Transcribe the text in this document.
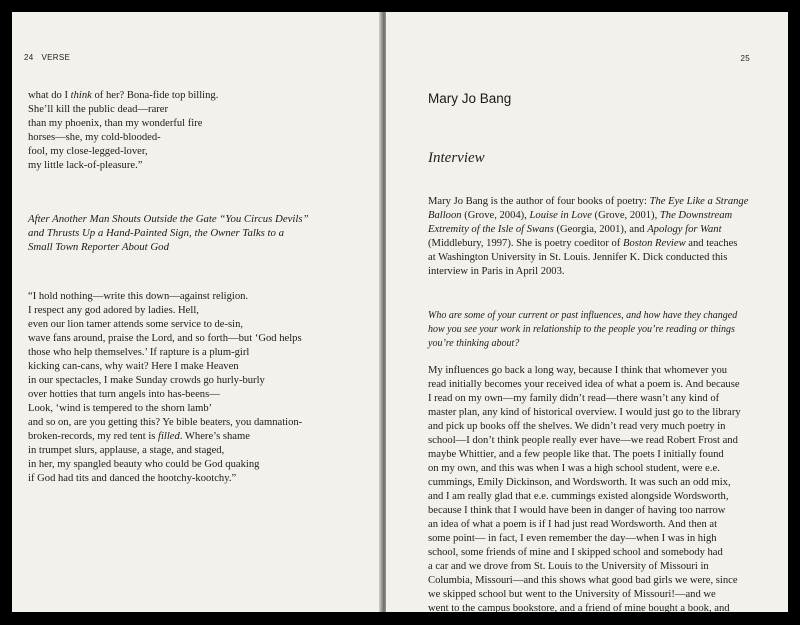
24 VERSE
what do I think of her? Bona-fide top billing.
She’ll kill the public dead—rarer
than my phoenix, than my wonderful fire
horses—she, my cold-blooded-
fool, my close-legged-lover,
my little lack-of-pleasure.”
After Another Man Shouts Outside the Gate “You Circus Devils”
and Thrusts Up a Hand-Painted Sign, the Owner Talks to a
Small Town Reporter About God
“I hold nothing—write this down—against religion.
I respect any god adored by ladies. Hell,
even our lion tamer attends some service to de-sin,
wave fans around, praise the Lord, and so forth—but ‘God helps
those who help themselves.’ If rapture is a plum-girl
kicking can-cans, why wait? Here I make Heaven
in our spectacles, I make Sunday crowds go hurly-burly
over hotties that turn angels into has-beens—
Look, ‘wind is tempered to the shorn lamb’
and so on, are you getting this? Ye bible beaters, you damnation-
broken-records, my red tent is filled. Where’s shame
in trumpet slurs, applause, a stage, and staged,
in her, my spangled beauty who could be God quaking
if God had tits and danced the hootchy-kootchy.”
25
Mary Jo Bang
Interview
Mary Jo Bang is the author of four books of poetry: The Eye Like a Strange
Balloon (Grove, 2004), Louise in Love (Grove, 2001), The Downstream
Extremity of the Isle of Swans (Georgia, 2001), and Apology for Want
(Middlebury, 1997). She is poetry coeditor of Boston Review and teaches
at Washington University in St. Louis. Jennifer K. Dick conducted this
interview in Paris in April 2003.
Who are some of your current or past influences, and how have they changed
how you see your work in relationship to the people you’re reading or things
you’re thinking about?
My influences go back a long way, because I think that whomever you
read initially becomes your received idea of what a poem is. And because
I read on my own—my family didn’t read—there wasn’t any kind of
master plan, any kind of historical overview. I would just go to the library
and pick up books off the shelves. We didn’t read very much poetry in
school—I don’t think people really ever have—we read Robert Frost and
maybe Whittier, and a few people like that. The poets I initially found
on my own, and this was when I was a high school student, were e.e.
cummings, Emily Dickinson, and Wordsworth. It was such an odd mix,
and I am really glad that e.e. cummings existed alongside Wordsworth,
because I think that I would have been in danger of having too narrow
an idea of what a poem is if I had just read Wordsworth. And then at
some point— in fact, I even remember the day—when I was in high
school, some friends of mine and I skipped school and somebody had
a car and we drove from St. Louis to the University of Missouri in
Columbia, Missouri—and this shows what good bad girls we were, since
we skipped school but went to the University of Missouri!—and we
went to the campus bookstore, and a friend of mine bought a book, and
